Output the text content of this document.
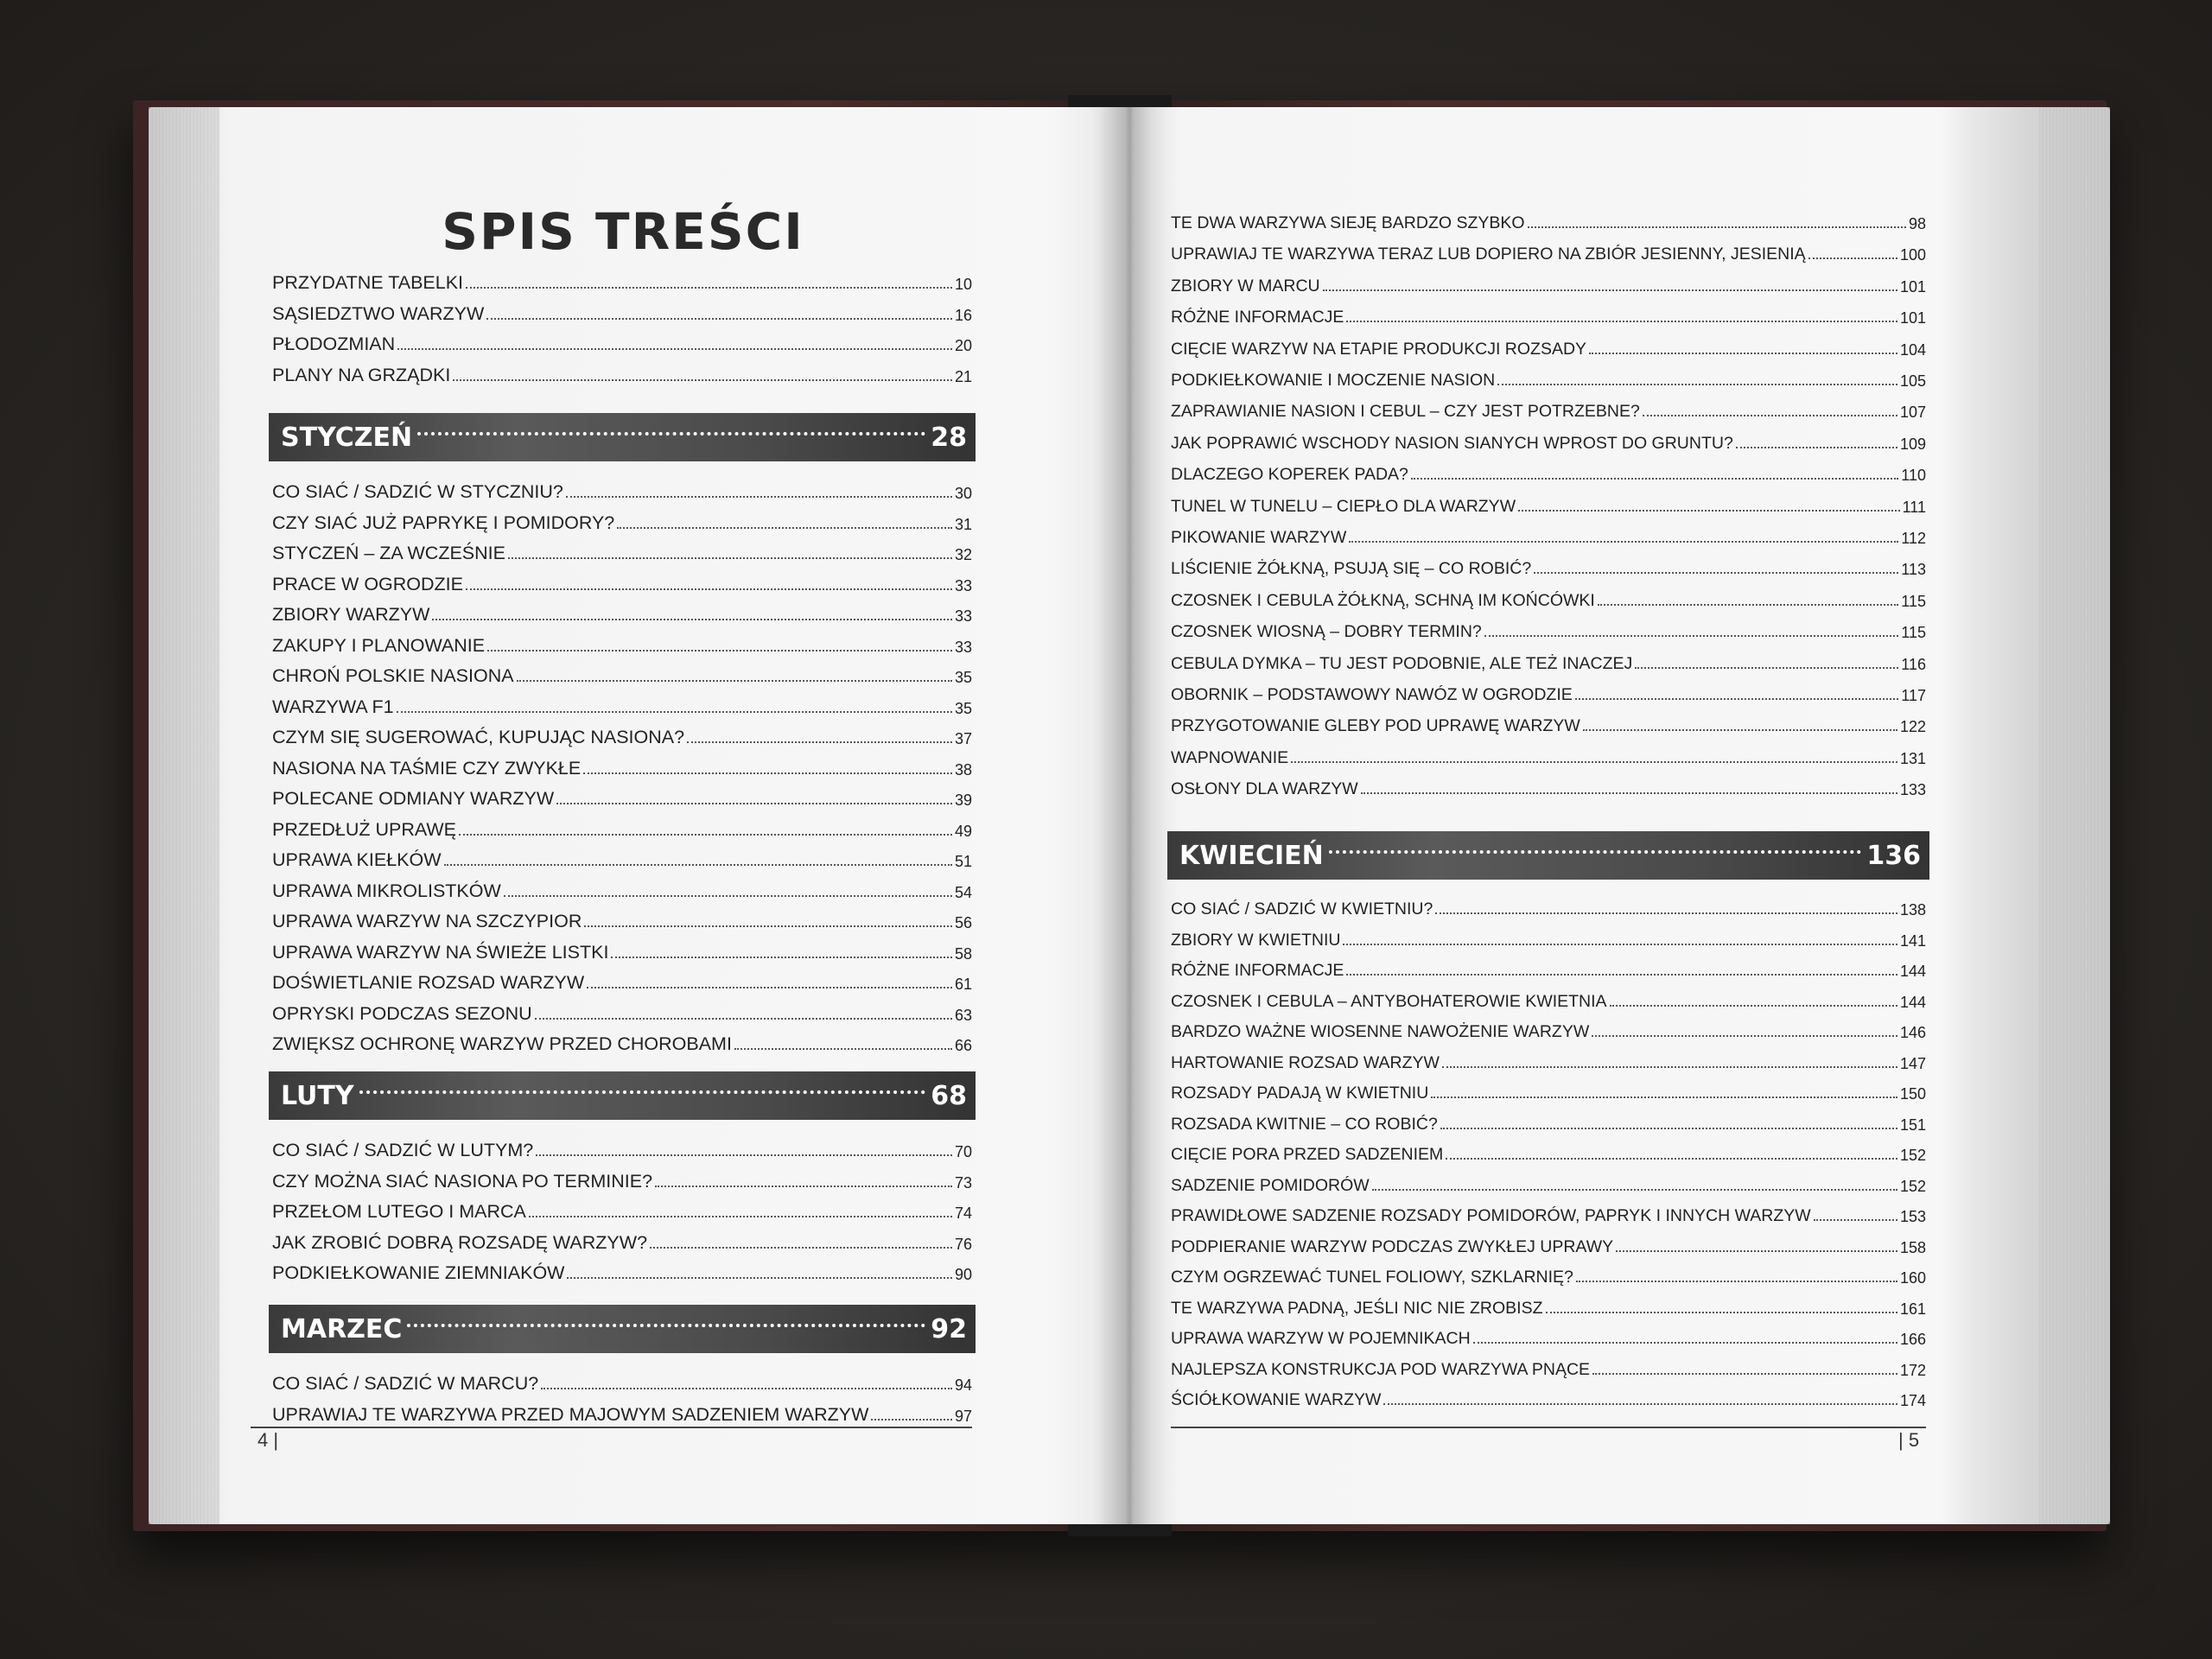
SPIS TREŚCI
PRZYDATNE TABELKI	10
SĄSIEDZTWO WARZYW	16
PŁODOZMIAN	20
PLANY NA GRZĄDKI	21
STYCZEŃ	28
CO SIAĆ / SADZIĆ W STYCZNIU?	30
CZY SIAĆ JUŻ PAPRYKĘ I POMIDORY?	31
STYCZEŃ – ZA WCZEŚNIE	32
PRACE W OGRODZIE	33
ZBIORY WARZYW	33
ZAKUPY I PLANOWANIE	33
CHROŃ POLSKIE NASIONA	35
WARZYWA F1	35
CZYM SIĘ SUGEROWAĆ, KUPUJĄC NASIONA?	37
NASIONA NA TAŚMIE CZY ZWYKŁE	38
POLECANE ODMIANY WARZYW	39
PRZEDŁUŻ UPRAWĘ	49
UPRAWA KIEŁKÓW	51
UPRAWA MIKROLISTKÓW	54
UPRAWA WARZYW NA SZCZYPIOR	56
UPRAWA WARZYW NA ŚWIEŻE LISTKI	58
DOŚWIETLANIE ROZSAD WARZYW	61
OPRYSKI PODCZAS SEZONU	63
ZWIĘKSZ OCHRONĘ WARZYW PRZED CHOROBAMI	66
LUTY	68
CO SIAĆ / SADZIĆ W LUTYM?	70
CZY MOŻNA SIAĆ NASIONA PO TERMINIE?	73
PRZEŁOM LUTEGO I MARCA	74
JAK ZROBIĆ DOBRĄ ROZSADĘ WARZYW?	76
PODKIEŁKOWANIE ZIEMNIAKÓW	90
MARZEC	92
CO SIAĆ / SADZIĆ W MARCU?	94
UPRAWIAJ TE WARZYWA PRZED MAJOWYM SADZENIEM WARZYW	97
4 |
TE DWA WARZYWA SIEJĘ BARDZO SZYBKO	98
UPRAWIAJ TE WARZYWA TERAZ LUB DOPIERO NA ZBIÓR JESIENNY, JESIENIĄ	100
ZBIORY W MARCU	101
RÓŻNE INFORMACJE	101
CIĘCIE WARZYW NA ETAPIE PRODUKCJI ROZSADY	104
PODKIEŁKOWANIE I MOCZENIE NASION	105
ZAPRAWIANIE NASION I CEBUL – CZY JEST POTRZEBNE?	107
JAK POPRAWIĆ WSCHODY NASION SIANYCH WPROST DO GRUNTU?	109
DLACZEGO KOPEREK PADA?	110
TUNEL W TUNELU – CIEPŁO DLA WARZYW	111
PIKOWANIE WARZYW	112
LIŚCIENIE ŻÓŁKNĄ, PSUJĄ SIĘ – CO ROBIĆ?	113
CZOSNEK I CEBULA ŻÓŁKNĄ, SCHNĄ IM KOŃCÓWKI	115
CZOSNEK WIOSNĄ – DOBRY TERMIN?	115
CEBULA DYMKA – TU JEST PODOBNIE, ALE TEŻ INACZEJ	116
OBORNIK – PODSTAWOWY NAWÓZ W OGRODZIE	117
PRZYGOTOWANIE GLEBY POD UPRAWĘ WARZYW	122
WAPNOWANIE	131
OSŁONY DLA WARZYW	133
KWIECIEŃ	136
CO SIAĆ / SADZIĆ W KWIETNIU?	138
ZBIORY W KWIETNIU	141
RÓŻNE INFORMACJE	144
CZOSNEK I CEBULA – ANTYBOHATEROWIE KWIETNIA	144
BARDZO WAŻNE WIOSENNE NAWOŻENIE WARZYW	146
HARTOWANIE ROZSAD WARZYW	147
ROZSADY PADAJĄ W KWIETNIU	150
ROZSADA KWITNIE – CO ROBIĆ?	151
CIĘCIE PORA PRZED SADZENIEM	152
SADZENIE POMIDORÓW	152
PRAWIDŁOWE SADZENIE ROZSADY POMIDORÓW, PAPRYK I INNYCH WARZYW	153
PODPIERANIE WARZYW PODCZAS ZWYKŁEJ UPRAWY	158
CZYM OGRZEWAĆ TUNEL FOLIOWY, SZKLARNIĘ?	160
TE WARZYWA PADNĄ, JEŚLI NIC NIE ZROBISZ	161
UPRAWA WARZYW W POJEMNIKACH	166
NAJLEPSZA KONSTRUKCJA POD WARZYWA PNĄCE	172
ŚCIÓŁKOWANIE WARZYW	174
| 5
